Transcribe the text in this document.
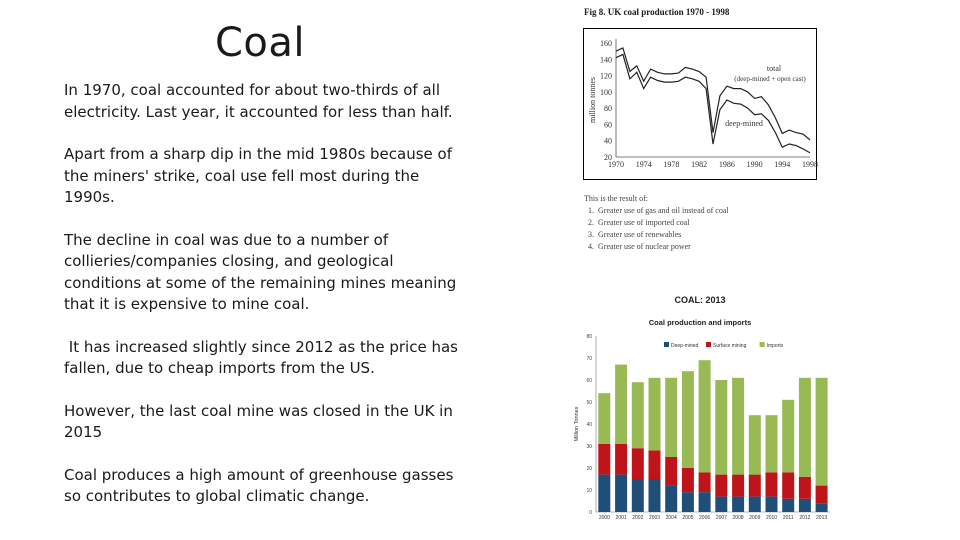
Coal

In 1970, coal accounted for about two-thirds of all electricity. Last year, it accounted for less than half.

Apart from a sharp dip in the mid 1980s because of the miners' strike, coal use fell most during the 1990s.

The decline in coal was due to a number of collieries/companies closing, and geological conditions at some of the remaining mines meaning that it is expensive to mine coal.

It has increased slightly since 2012 as the price has fallen, due to cheap imports from the US.

However, the last coal mine was closed in the UK in 2015

Coal produces a high amount of greenhouse gasses so contributes to global climatic change.

Fig 8. UK coal production 1970 - 1998
20
40
60
80
100
120
140
160
1970 1974 1978 1982 1986 1990 1994 1998
million tonnes
total
(deep-mined + open cast)
deep-mined
This is the result of:
1. Greater use of gas and oil instead of coal
2. Greater use of imported coal
3. Greater use of renewables
4. Greater use of nuclear power
COAL: 2013
Coal production and imports
Deep-mined	Surface mining	Imports
0
10
20
30
40
50
60
70
80
Million Tonnes
2000 2001 2002 2003 2004 2005 2006 2007 2008 2009 2010 2011 2012 2013
